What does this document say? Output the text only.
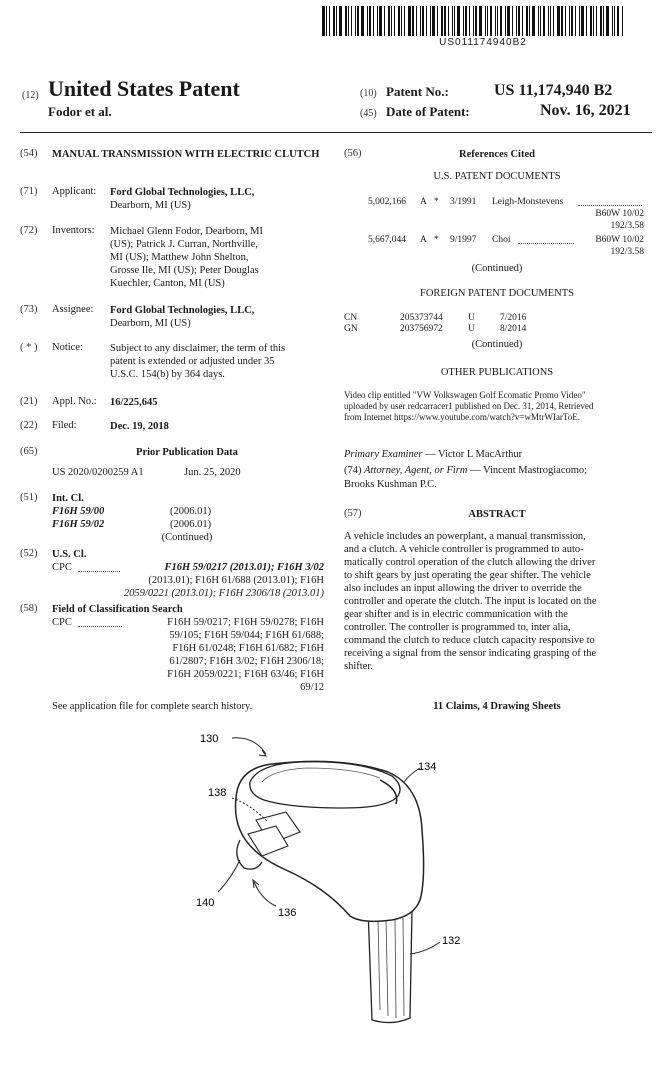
US011174940B2
(12) United States Patent
Fodor et al.
(10) Patent No.:	US 11,174,940 B2
(45) Date of Patent:	Nov. 16, 2021
(54) MANUAL TRANSMISSION WITH ELECTRIC CLUTCH
(71) Applicant: Ford Global Technologies, LLC,
Dearborn, MI (US)
(72) Inventors: Michael Glenn Fodor, Dearborn, MI
(US); Patrick J. Curran, Northville,
MI (US); Matthew John Shelton,
Grosse Ile, MI (US); Peter Douglas
Kuechler, Canton, MI (US)
(73) Assignee: Ford Global Technologies, LLC,
Dearborn, MI (US)
( * ) Notice:	Subject to any disclaimer, the term of this
patent is extended or adjusted under 35
U.S.C. 154(b) by 364 days.
(21) Appl. No.: 16/225,645
(22) Filed:	Dec. 19, 2018
(65)	Prior Publication Data
US 2020/0200259 A1	Jun. 25, 2020
(51) Int. Cl.
F16H 59/00	(2006.01)
F16H 59/02	(2006.01)
(Continued)
(52) U.S. Cl.
CPC	F16H 59/0217 (2013.01); F16H 3/02
(2013.01); F16H 61/688 (2013.01); F16H
2059/0221 (2013.01); F16H 2306/18 (2013.01)
(58) Field of Classification Search
CPC	F16H 59/0217; F16H 59/0278; F16H
59/105; F16H 59/044; F16H 61/688;
F16H 61/0248; F16H 61/682; F16H
61/2807; F16H 3/02; F16H 2306/18;
F16H 2059/0221; F16H 63/46; F16H
69/12
See application file for complete search history.
(56)	References Cited
U.S. PATENT DOCUMENTS
5,002,166 A * 3/1991 Leigh-Monstevens
B60W 10/02
192/3.58
5,667,044 A * 9/1997 Choi	B60W 10/02
192/3.58
(Continued)
FOREIGN PATENT DOCUMENTS
CN	205373744	U	7/2016
GN	203756972	U	8/2014
(Continued)
OTHER PUBLICATIONS
Video clip entitled "VW Volkswagen Golf Ecomatic Promo Video"
uploaded by user redcarracer1 published on Dec. 31, 2014, Retrieved
from Internet https://www.youtube.com/watch?v=wMtrWIarToE.
Primary Examiner — Victor L MacArthur
(74) Attorney, Agent, or Firm — Vincent Mastrogiacomo;
Brooks Kushman P.C.
(57)	ABSTRACT
A vehicle includes an powerplant, a manual transmission,
and a clutch. A vehicle controller is programmed to auto-
matically control operation of the clutch allowing the driver
to shift gears by just operating the gear shifter. The vehicle
also includes an input allowing the driver to override the
controller and operate the clutch. The input is located on the
gear shifter and is in electric communication with the
controller. The controller is programmed to, inter alia,
command the clutch to reduce clutch capacity responsive to
receiving a signal from the sensor indicating grasping of the
shifter.
11 Claims, 4 Drawing Sheets
130
134
138
140
136
132
